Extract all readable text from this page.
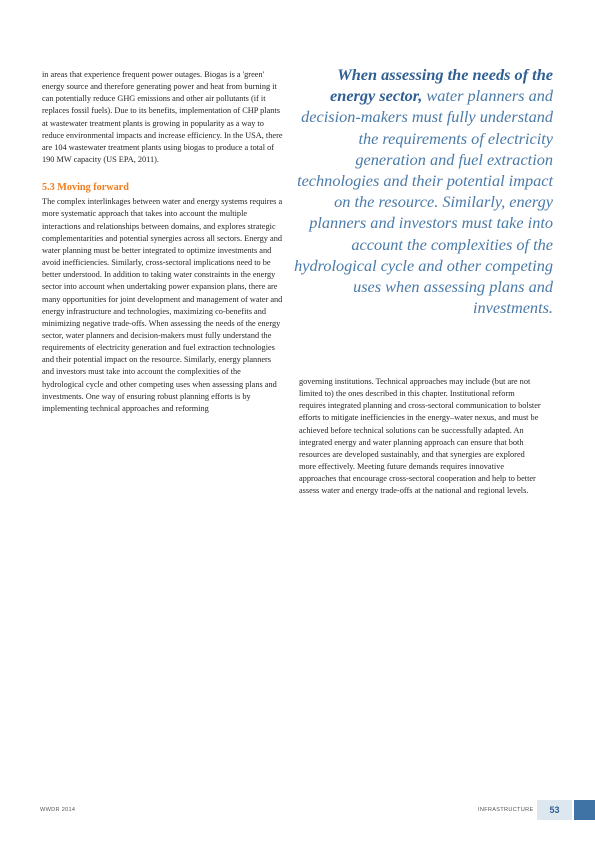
in areas that experience frequent power outages. Biogas is a 'green' energy source and therefore generating power and heat from burning it can potentially reduce GHG emissions and other air pollutants (if it replaces fossil fuels). Due to its benefits, implementation of CHP plants at wastewater treatment plants is growing in popularity as a way to reduce environmental impacts and increase efficiency. In the USA, there are 104 wastewater treatment plants using biogas to produce a total of 190 MW capacity (US EPA, 2011).

5.3 Moving forward

The complex interlinkages between water and energy systems requires a more systematic approach that takes into account the multiple interactions and relationships between domains, and explores strategic complementarities and potential synergies across all sectors. Energy and water planning must be better integrated to optimize investments and avoid inefficiencies. Similarly, cross-sectoral implications need to be better understood. In addition to taking water constraints in the energy sector into account when undertaking power expansion plans, there are many opportunities for joint development and management of water and energy infrastructure and technologies, maximizing co-benefits and minimizing negative trade-offs. When assessing the needs of the energy sector, water planners and decision-makers must fully understand the requirements of electricity generation and fuel extraction technologies and their potential impact on the resource. Similarly, energy planners and investors must take into account the complexities of the hydrological cycle and other competing uses when assessing plans and investments. One way of ensuring robust planning efforts is by implementing technical approaches and reforming

When assessing the needs of the energy sector, water planners and decision-makers must fully understand the requirements of electricity generation and fuel extraction technologies and their potential impact on the resource. Similarly, energy planners and investors must take into account the complexities of the hydrological cycle and other competing uses when assessing plans and investments.

governing institutions. Technical approaches may include (but are not limited to) the ones described in this chapter. Institutional reform requires integrated planning and cross-sectoral communication to bolster efforts to mitigate inefficiencies in the energy–water nexus, and must be achieved before technical solutions can be successfully adapted. An integrated energy and water planning approach can ensure that both resources are developed sustainably, and that synergies are explored more effectively. Meeting future demands requires innovative approaches that encourage cross-sectoral cooperation and help to better assess water and energy trade-offs at the national and regional levels.

WWDR 2014	INFRASTRUCTURE 53
